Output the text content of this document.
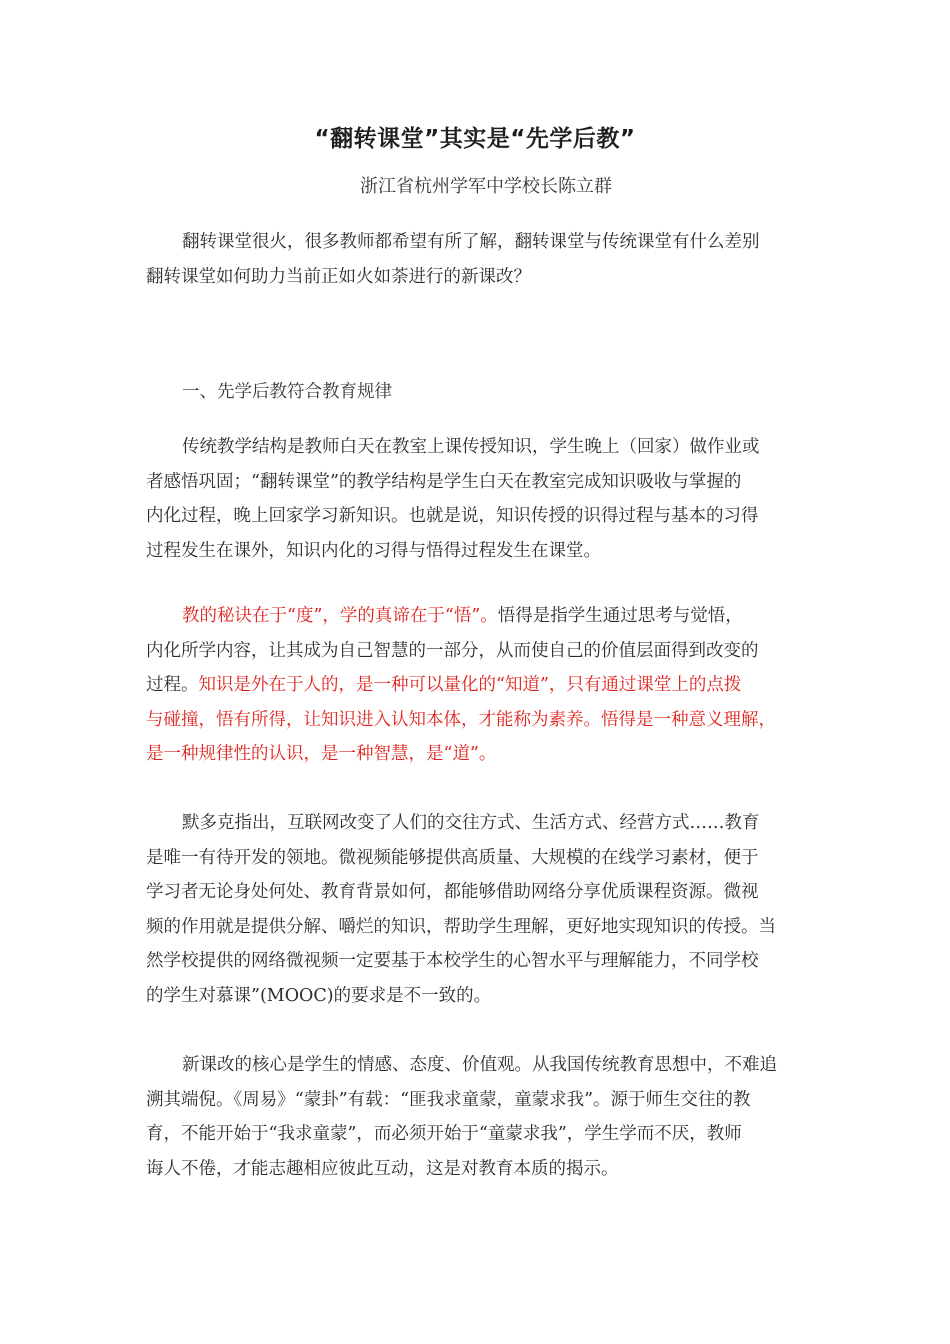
“翻转课堂”其实是“先学后教”
浙江省杭州学军中学校长陈立群
翻转课堂很火，很多教师都希望有所了解，翻转课堂与传统课堂有什么差别
翻转课堂如何助力当前正如火如荼进行的新课改？
一、先学后教符合教育规律
传统教学结构是教师白天在教室上课传授知识，学生晚上（回家）做作业或
者感悟巩固；“翻转课堂”的教学结构是学生白天在教室完成知识吸收与掌握的
内化过程，晚上回家学习新知识。也就是说，知识传授的识得过程与基本的习得
过程发生在课外，知识内化的习得与悟得过程发生在课堂。
教的秘诀在于“度”，学的真谛在于“悟”。悟得是指学生通过思考与觉悟，
内化所学内容，让其成为自己智慧的一部分，从而使自己的价值层面得到改变的
过程。知识是外在于人的，是一种可以量化的“知道”，只有通过课堂上的点拨
与碰撞，悟有所得，让知识进入认知本体，才能称为素养。悟得是一种意义理解，
是一种规律性的认识，是一种智慧，是“道”。
默多克指出，互联网改变了人们的交往方式、生活方式、经营方式……教育
是唯一有待开发的领地。微视频能够提供高质量、大规模的在线学习素材，便于
学习者无论身处何处、教育背景如何，都能够借助网络分享优质课程资源。微视
频的作用就是提供分解、嚼烂的知识，帮助学生理解，更好地实现知识的传授。当
然学校提供的网络微视频一定要基于本校学生的心智水平与理解能力，不同学校
的学生对慕课”(MOOC)的要求是不一致的。
新课改的核心是学生的情感、态度、价值观。从我国传统教育思想中，不难追
溯其端倪。《周易》“蒙卦”有载：“匪我求童蒙，童蒙求我”。源于师生交往的教
育，不能开始于“我求童蒙”，而必须开始于“童蒙求我”，学生学而不厌，教师
诲人不倦，才能志趣相应彼此互动，这是对教育本质的揭示。
